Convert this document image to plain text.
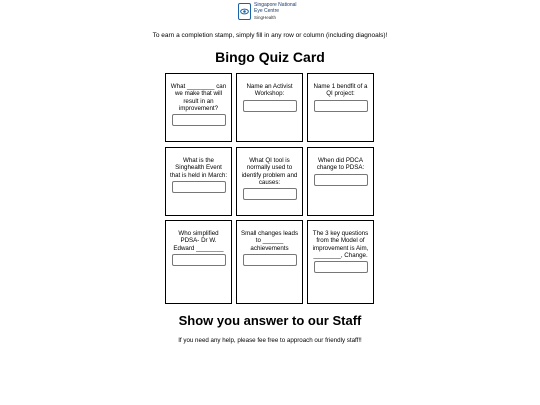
Singapore National
Eye Centre
SingHealth
To earn a completion stamp, simply fill in any row or column (including diagnoals)!
Bingo Quiz Card
What ________ can we make that will result in an improvement?
Name an Activist Workshop:
Name 1 bendfit of a QI project:
What is the Singhealth Event that is held in March:
What QI tool is normally used to identify problem and causes:
When did PDCA change to PDSA:
Who simplified PDSA- Dr W. Edward ________
Small changes leads to ______ achievements
The 3 key questions from the Model of improvement is Aim, ________, Change.
Show you answer to our Staff
If you need any help, please fee free to approach our friendly staff!!
